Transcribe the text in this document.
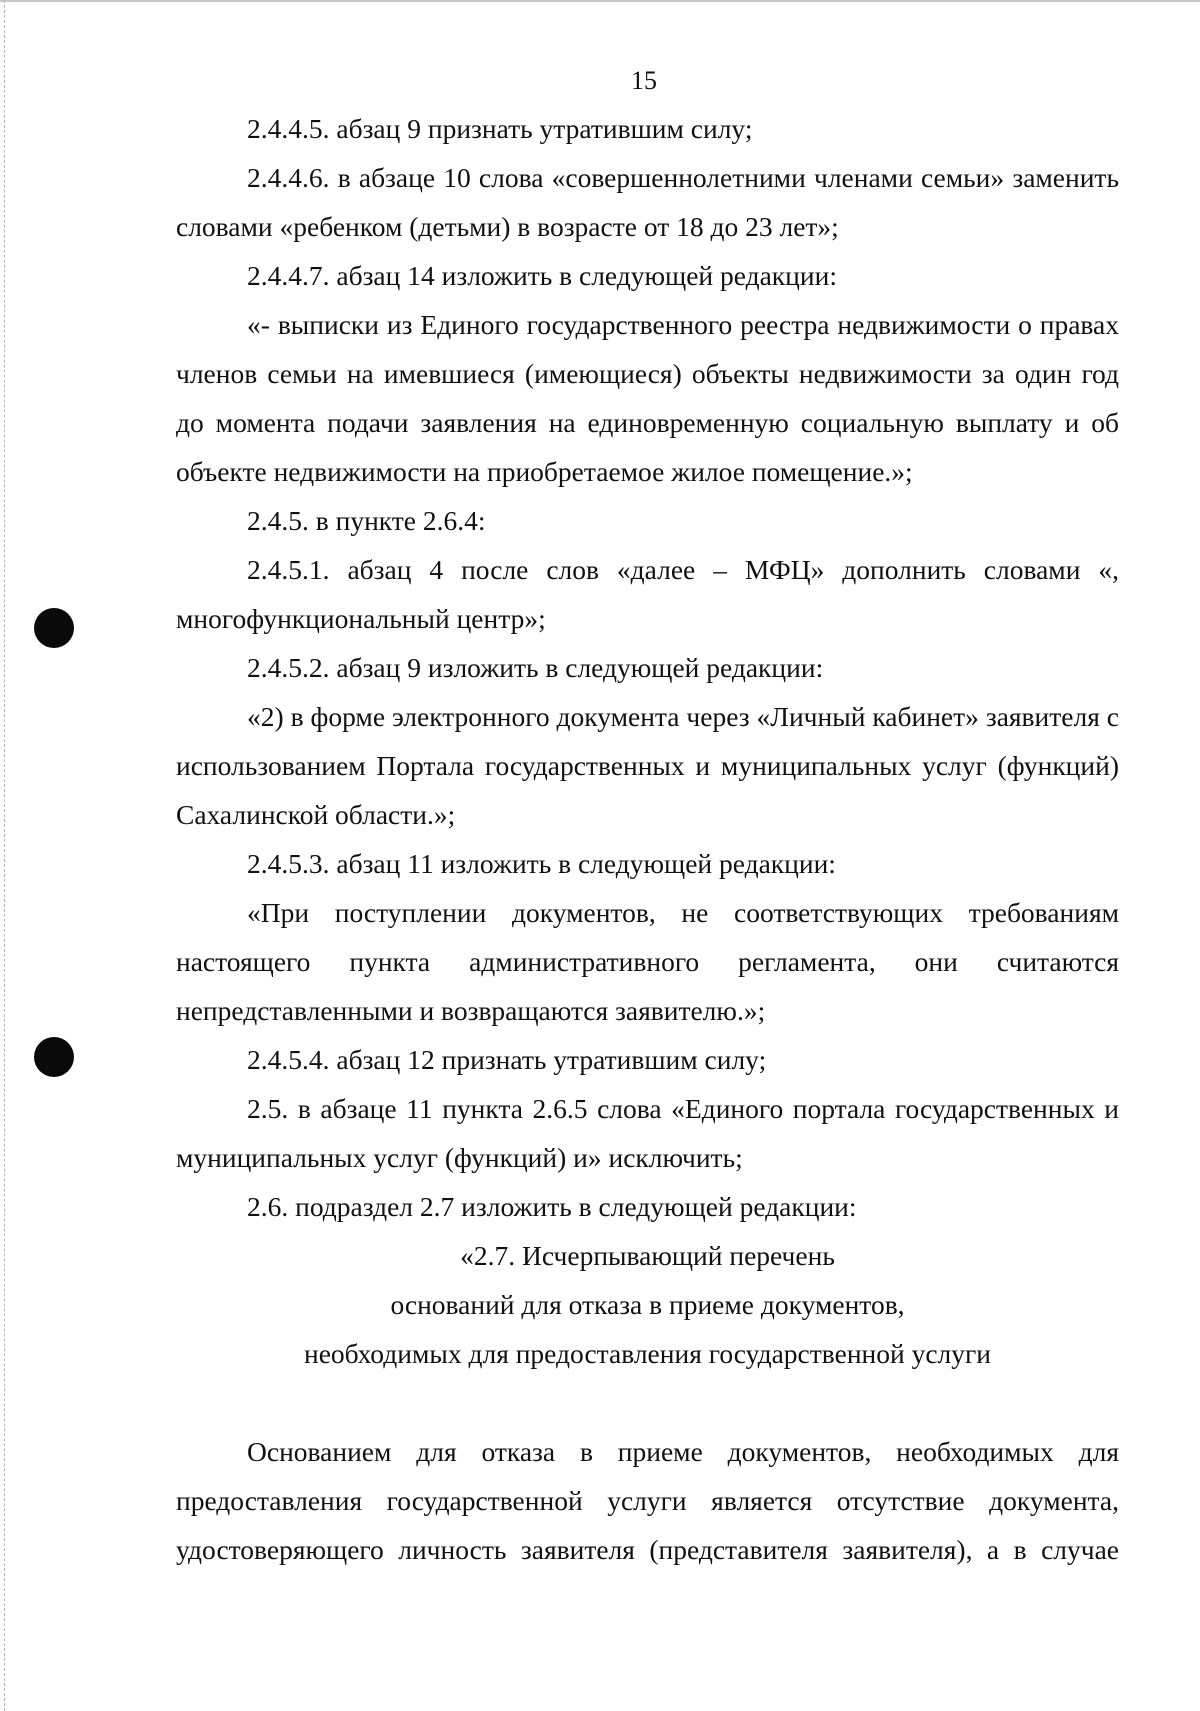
15

2.4.4.5. абзац 9 признать утратившим силу;

2.4.4.6. в абзаце 10 слова «совершеннолетними членами семьи» заменить словами «ребенком (детьми) в возрасте от 18 до 23 лет»;

2.4.4.7. абзац 14 изложить в следующей редакции:

«- выписки из Единого государственного реестра недвижимости о правах членов семьи на имевшиеся (имеющиеся) объекты недвижимости за один год до момента подачи заявления на единовременную социальную выплату и об объекте недвижимости на приобретаемое жилое помещение.»;

2.4.5. в пункте 2.6.4:

2.4.5.1. абзац 4 после слов «далее – МФЦ» дополнить словами «, многофункциональный центр»;

2.4.5.2. абзац 9 изложить в следующей редакции:

«2) в форме электронного документа через «Личный кабинет» заявителя с использованием Портала государственных и муниципальных услуг (функций) Сахалинской области.»;

2.4.5.3. абзац 11 изложить в следующей редакции:

«При поступлении документов, не соответствующих требованиям настоящего пункта административного регламента, они считаются непредставленными и возвращаются заявителю.»;

2.4.5.4. абзац 12 признать утратившим силу;

2.5. в абзаце 11 пункта 2.6.5 слова «Единого портала государственных и муниципальных услуг (функций) и» исключить;

2.6. подраздел 2.7 изложить в следующей редакции:

«2.7. Исчерпывающий перечень

оснований для отказа в приеме документов,

необходимых для предоставления государственной услуги

Основанием для отказа в приеме документов, необходимых для предоставления государственной услуги является отсутствие документа, удостоверяющего личность заявителя (представителя заявителя), а в случае
